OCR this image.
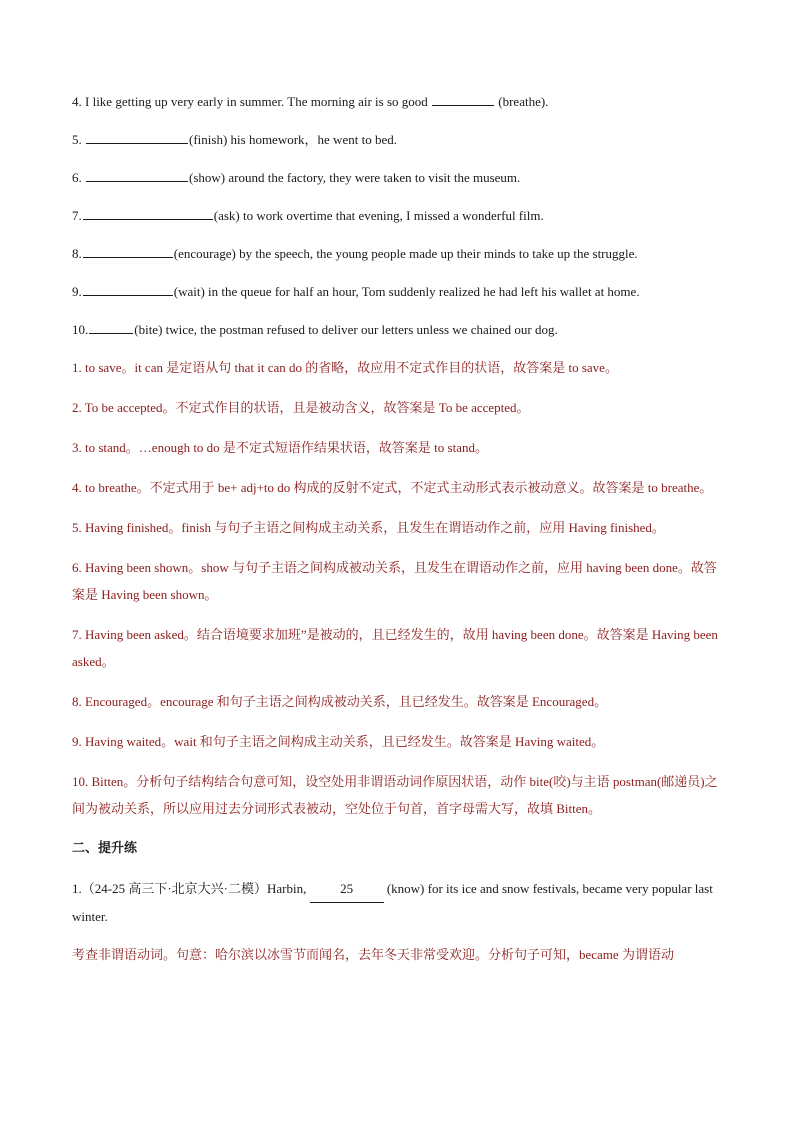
4. I like getting up very early in summer. The morning air is so good	(breathe).

5.	(finish) his homework，he went to bed.

6.	(show) around the factory, they were taken to visit the museum.

7.	(ask) to work overtime that evening, I missed a wonderful film.

8.	(encourage) by the speech, the young people made up their minds to take up the struggle.

9.	(wait) in the queue for half an hour, Tom suddenly realized he had left his wallet at home.

10.	(bite) twice, the postman refused to deliver our letters unless we chained our dog.

1. to save。it can 是定语从句 that it can do 的省略，故应用不定式作目的状语，故答案是 to save。

2. To be accepted。不定式作目的状语，且是被动含义，故答案是 To be accepted。

3. to stand。…enough to do 是不定式短语作结果状语，故答案是 to stand。

4. to breathe。不定式用于 be+ adj+to do 构成的反射不定式，不定式主动形式表示被动意义。故答案是 to breathe。

5. Having finished。finish 与句子主语之间构成主动关系，且发生在谓语动作之前，应用 Having finished。

6. Having been shown。show 与句子主语之间构成被动关系，且发生在谓语动作之前，应用 having been done。故答案是 Having been shown。

7. Having been asked。结合语境要求加班”是被动的，且已经发生的，故用 having been done。故答案是 Having been asked。

8. Encouraged。encourage 和句子主语之间构成被动关系，且已经发生。故答案是 Encouraged。

9. Having waited。wait 和句子主语之间构成主动关系，且已经发生。故答案是 Having waited。

10. Bitten。分析句子结构结合句意可知，设空处用非谓语动词作原因状语，动作 bite(咬)与主语 postman(邮递员)之间为被动关系，所以应用过去分词形式表被动，空处位于句首，首字母需大写，故填 Bitten。

二、提升练

1.（24-25 高三下·北京大兴·二模）Harbin, 25 (know) for its ice and snow festivals, became very popular last winter.

考查非谓语动词。句意：哈尔滨以冰雪节而闻名，去年冬天非常受欢迎。分析句子可知，became 为谓语动
